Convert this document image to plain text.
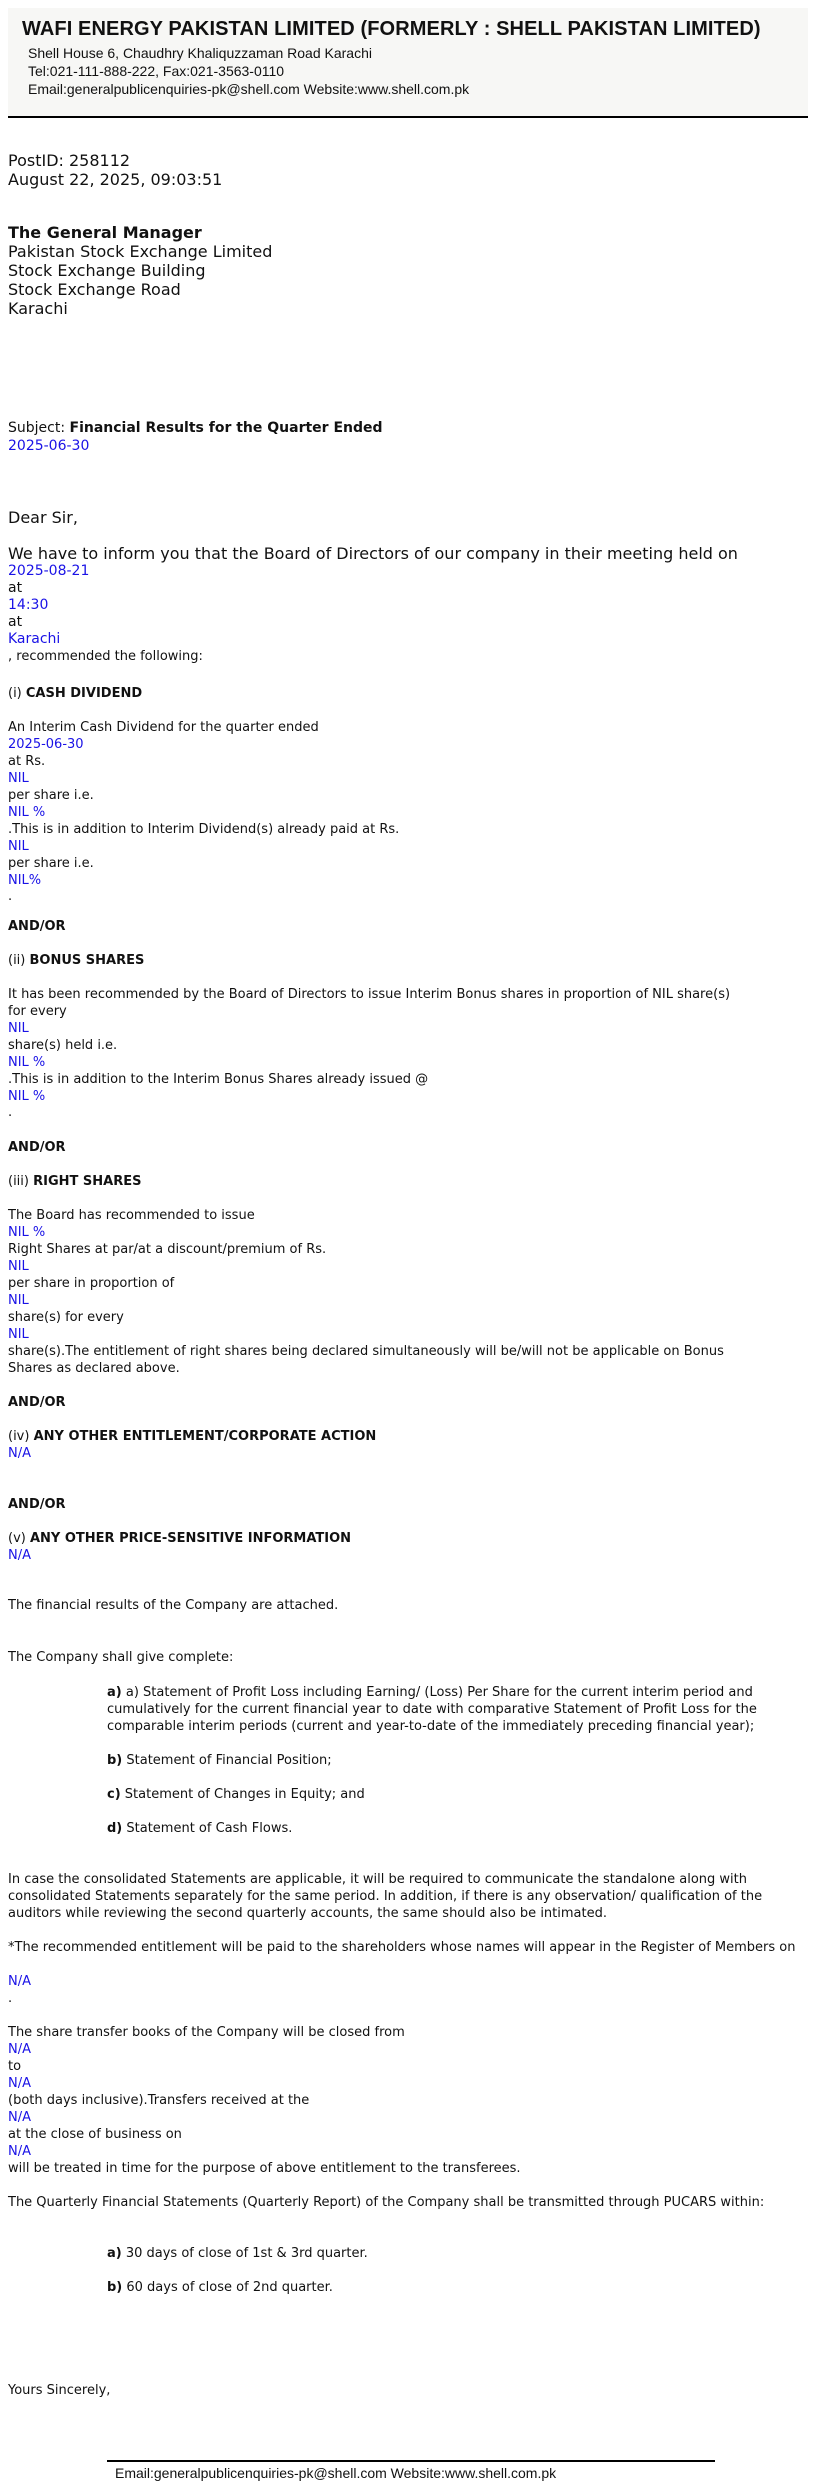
WAFI ENERGY PAKISTAN LIMITED (FORMERLY : SHELL PAKISTAN LIMITED)
Shell House 6, Chaudhry Khaliquzzaman Road Karachi
Tel:021-111-888-222, Fax:021-3563-0110
Email:generalpublicenquiries-pk@shell.com Website:www.shell.com.pk
PostID: 258112
August 22, 2025, 09:03:51
The General Manager
Pakistan Stock Exchange Limited
Stock Exchange Building
Stock Exchange Road
Karachi
Subject: Financial Results for the Quarter Ended
2025-06-30
Dear Sir,
We have to inform you that the Board of Directors of our company in their meeting held on
2025-08-21
at
14:30
at
Karachi
, recommended the following:
(i) CASH DIVIDEND
An Interim Cash Dividend for the quarter ended
2025-06-30
at Rs.
NIL
per share i.e.
NIL %
.This is in addition to Interim Dividend(s) already paid at Rs.
NIL
per share i.e.
NIL%
.
AND/OR
(ii) BONUS SHARES
It has been recommended by the Board of Directors to issue Interim Bonus shares in proportion of NIL share(s)
for every
NIL
share(s) held i.e.
NIL %
.This is in addition to the Interim Bonus Shares already issued @
NIL %
.
AND/OR
(iii) RIGHT SHARES
The Board has recommended to issue
NIL %
Right Shares at par/at a discount/premium of Rs.
NIL
per share in proportion of
NIL
share(s) for every
NIL
share(s).The entitlement of right shares being declared simultaneously will be/will not be applicable on Bonus
Shares as declared above.
AND/OR
(iv) ANY OTHER ENTITLEMENT/CORPORATE ACTION
N/A
AND/OR
(v) ANY OTHER PRICE-SENSITIVE INFORMATION
N/A
The financial results of the Company are attached.
The Company shall give complete:
a) a) Statement of Profit Loss including Earning/ (Loss) Per Share for the current interim period and cumulatively for the current financial year to date with comparative Statement of Profit Loss for the comparable interim periods (current and year-to-date of the immediately preceding financial year);
b) Statement of Financial Position;
c) Statement of Changes in Equity; and
d) Statement of Cash Flows.
In case the consolidated Statements are applicable, it will be required to communicate the standalone along with consolidated Statements separately for the same period. In addition, if there is any observation/ qualification of the auditors while reviewing the second quarterly accounts, the same should also be intimated.
*The recommended entitlement will be paid to the shareholders whose names will appear in the Register of Members on
N/A
.
The share transfer books of the Company will be closed from
N/A
to
N/A
(both days inclusive).Transfers received at the
N/A
at the close of business on
N/A
will be treated in time for the purpose of above entitlement to the transferees.
The Quarterly Financial Statements (Quarterly Report) of the Company shall be transmitted through PUCARS within:
a) 30 days of close of 1st & 3rd quarter.
b) 60 days of close of 2nd quarter.
Yours Sincerely,
Email:generalpublicenquiries-pk@shell.com Website:www.shell.com.pk
